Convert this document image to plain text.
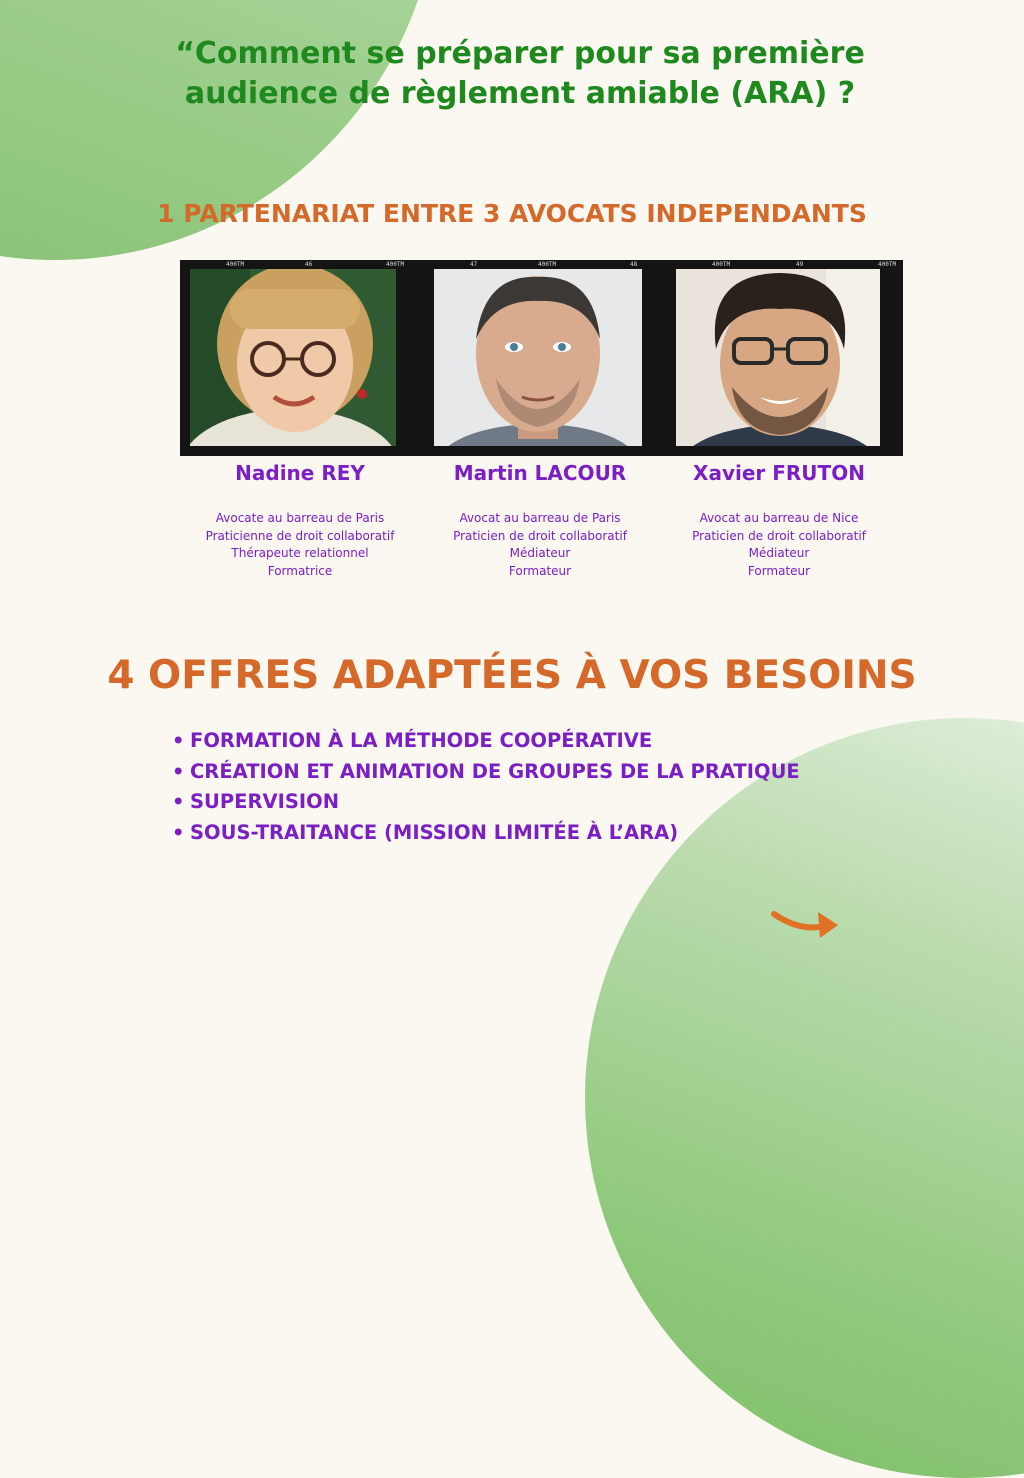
“Comment se préparer pour sa première
audience de règlement amiable (ARA) ?
1 PARTENARIAT ENTRE 3 AVOCATS INDEPENDANTS
400TM	46	400TM	47	400TM	48	400TM	49	400TM
Nadine REY	Martin LACOUR	Xavier FRUTON
Avocate au barreau de Paris
Praticienne de droit collaboratif
Thérapeute relationnel
Formatrice
Avocat au barreau de Paris
Praticien de droit collaboratif
Médiateur
Formateur
Avocat au barreau de Nice
Praticien de droit collaboratif
Médiateur
Formateur
4 OFFRES ADAPTÉES À VOS BESOINS
• FORMATION À LA MÉTHODE COOPÉRATIVE
• CRÉATION ET ANIMATION DE GROUPES DE LA PRATIQUE
• SUPERVISION
• SOUS-TRAITANCE (MISSION LIMITÉE À L’ARA)
